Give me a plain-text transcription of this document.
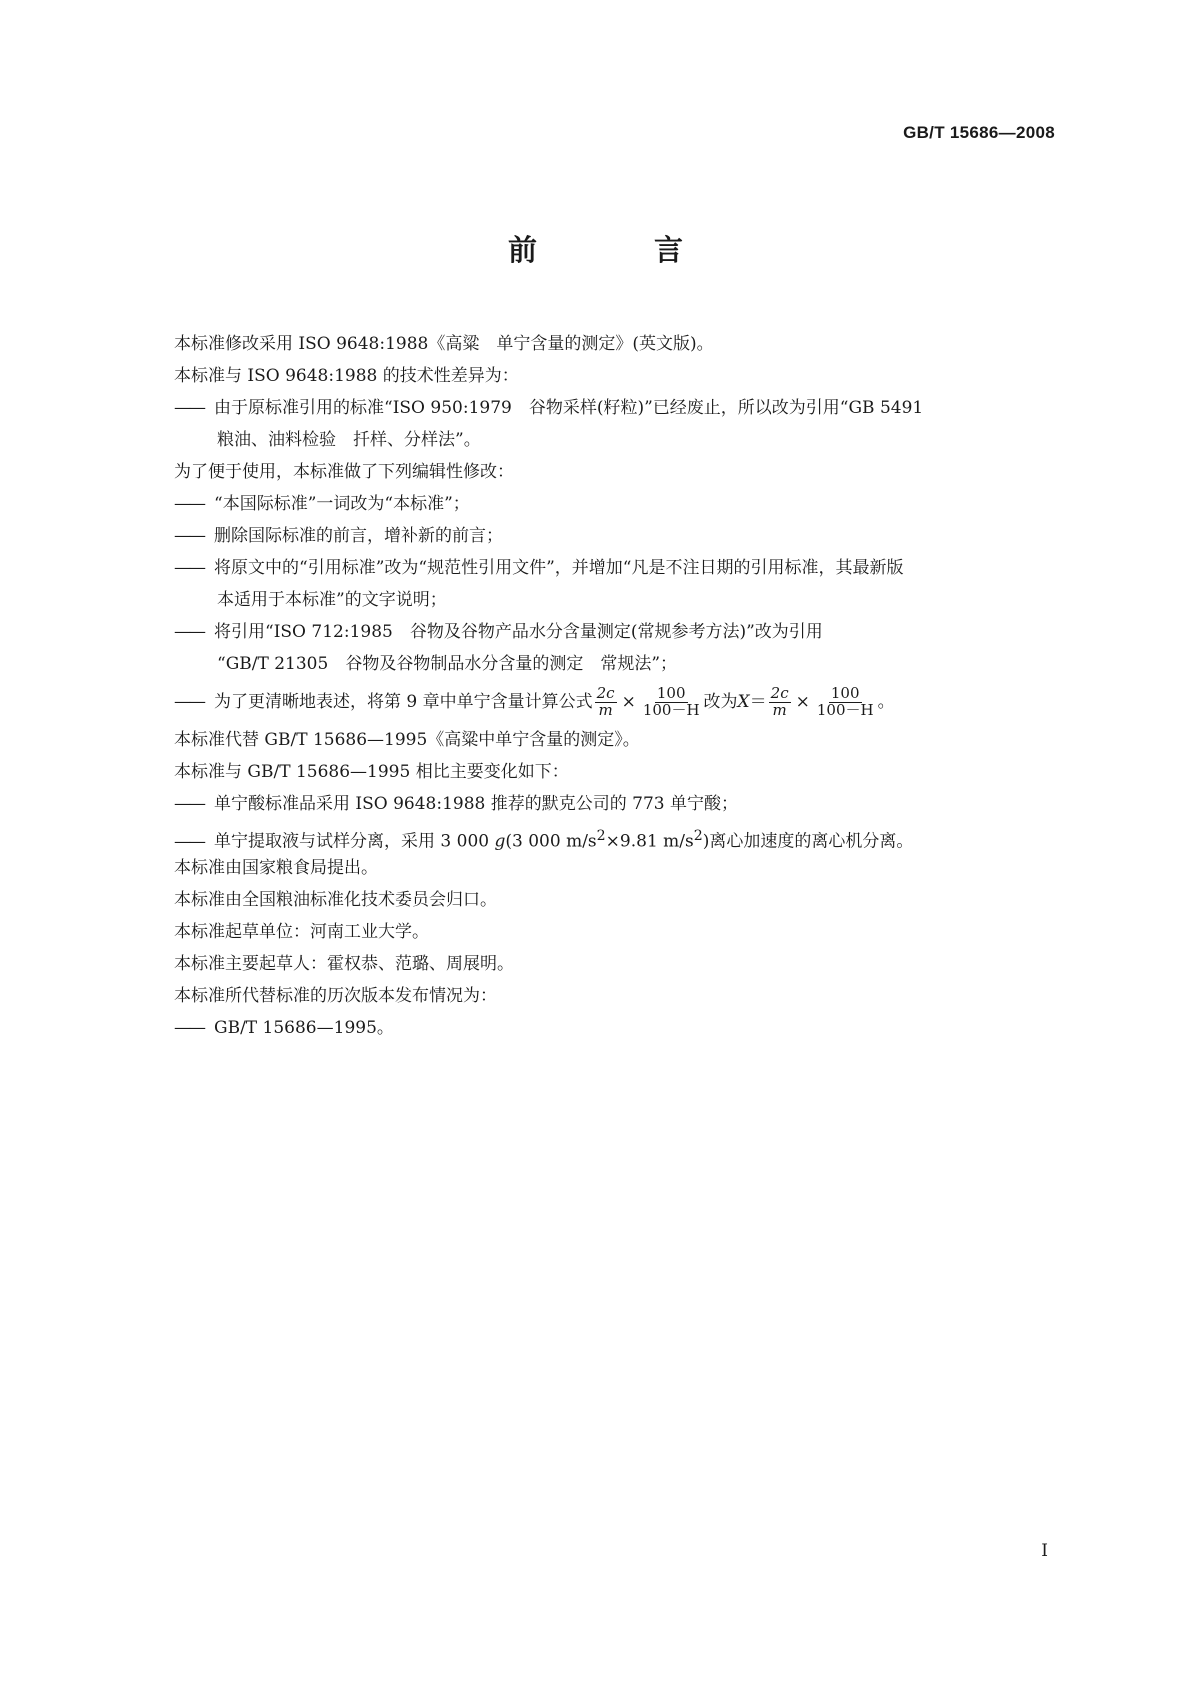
GB/T 15686—2008
前　言
本标准修改采用 ISO 9648:1988《高粱　单宁含量的测定》(英文版)。
本标准与 ISO 9648:1988 的技术性差异为：
—— 由于原标准引用的标准“ISO 950:1979　谷物采样(籽粒)”已经废止，所以改为引用“GB 5491
粮油、油料检验　扦样、分样法”。
为了便于使用，本标准做了下列编辑性修改：
—— “本国际标准”一词改为“本标准”；
—— 删除国际标准的前言，增补新的前言；
—— 将原文中的“引用标准”改为“规范性引用文件”，并增加“凡是不注日期的引用标准，其最新版
本适用于本标准”的文字说明；
—— 将引用“ISO 712:1985　谷物及谷物产品水分含量测定(常规参考方法)”改为引用
“GB/T 21305　谷物及谷物制品水分含量的测定　常规法”；
—— 为了更清晰地表述，将第 9 章中单宁含量计算公式 $\frac{2c}{m} \times \frac{100}{100-H}$ 改为$X= \frac{2c}{m} \times \frac{100}{100-H}$ 。
本标准代替 GB/T 15686—1995《高粱中单宁含量的测定》。
本标准与 GB/T 15686—1995 相比主要变化如下：
—— 单宁酸标准品采用 ISO 9648:1988 推荐的默克公司的 773 单宁酸；
—— 单宁提取液与试样分离，采用 3 000 g(3 000 $m/s^2\times 9.81$ $m/s^2$)离心加速度的离心机分离。
本标准由国家粮食局提出。
本标准由全国粮油标准化技术委员会归口。
本标准起草单位：河南工业大学。
本标准主要起草人：霍权恭、范璐、周展明。
本标准所代替标准的历次版本发布情况为：
—— GB/T 15686—1995。
I
